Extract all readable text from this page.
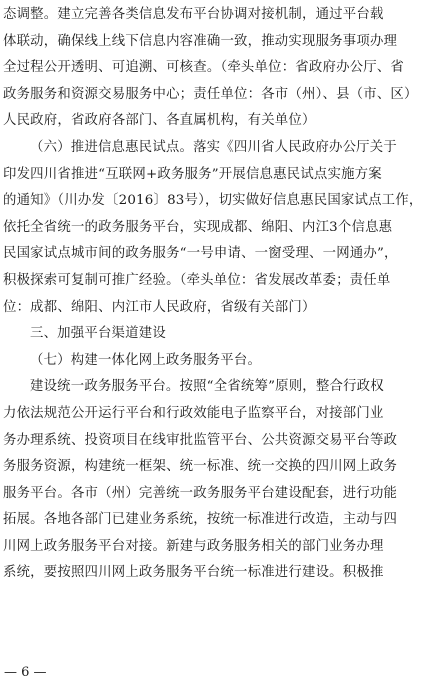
态调整。建立完善各类信息发布平台协调对接机制，通过平台载
体联动，确保线上线下信息内容准确一致，推动实现服务事项办理
全过程公开透明、可追溯、可核查。（牵头单位：省政府办公厅、省
政务服务和资源交易服务中心；责任单位：各市（州）、县（市、区）
人民政府，省政府各部门、各直属机构，有关单位）
（六）推进信息惠民试点。落实《四川省人民政府办公厅关于
印发四川省推进“互联网+政务服务”开展信息惠民试点实施方案
的通知》（川办发〔2016〕83号），切实做好信息惠民国家试点工作，
依托全省统一的政务服务平台，实现成都、绵阳、内江3个信息惠
民国家试点城市间的政务服务“一号申请、一窗受理、一网通办”，
积极探索可复制可推广经验。（牵头单位：省发展改革委；责任单
位：成都、绵阳、内江市人民政府，省级有关部门）
三、加强平台渠道建设
（七）构建一体化网上政务服务平台。
建设统一政务服务平台。按照“全省统筹”原则，整合行政权
力依法规范公开运行平台和行政效能电子监察平台，对接部门业
务办理系统、投资项目在线审批监管平台、公共资源交易平台等政
务服务资源，构建统一框架、统一标准、统一交换的四川网上政务
服务平台。各市（州）完善统一政务服务平台建设配套，进行功能
拓展。各地各部门已建业务系统，按统一标准进行改造，主动与四
川网上政务服务平台对接。新建与政务服务相关的部门业务办理
系统，要按照四川网上政务服务平台统一标准进行建设。积极推
— 6 —
